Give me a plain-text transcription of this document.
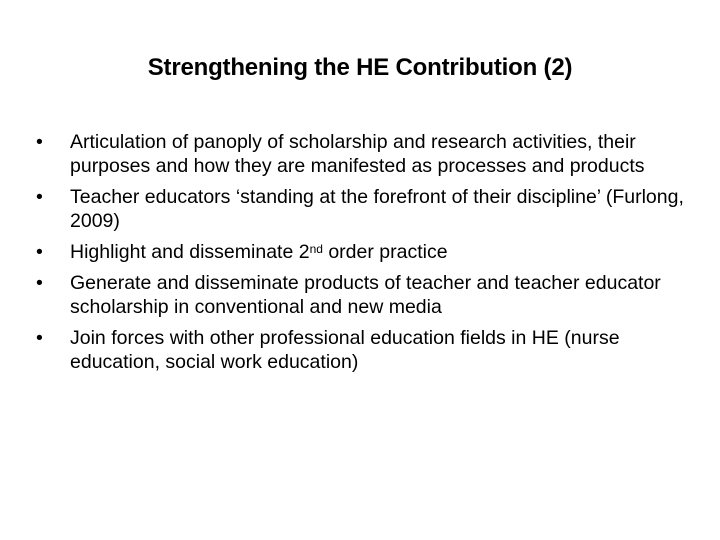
Strengthening the HE Contribution (2)
•	Articulation of panoply of scholarship and research activities, their purposes and how they are manifested as processes and products
•	Teacher educators ‘standing at the forefront of their discipline’ (Furlong, 2009)
•	Highlight and disseminate 2nd order practice
•	Generate and disseminate products of teacher and teacher educator scholarship in conventional and new media
•	Join forces with other professional education fields in HE (nurse education, social work education)
